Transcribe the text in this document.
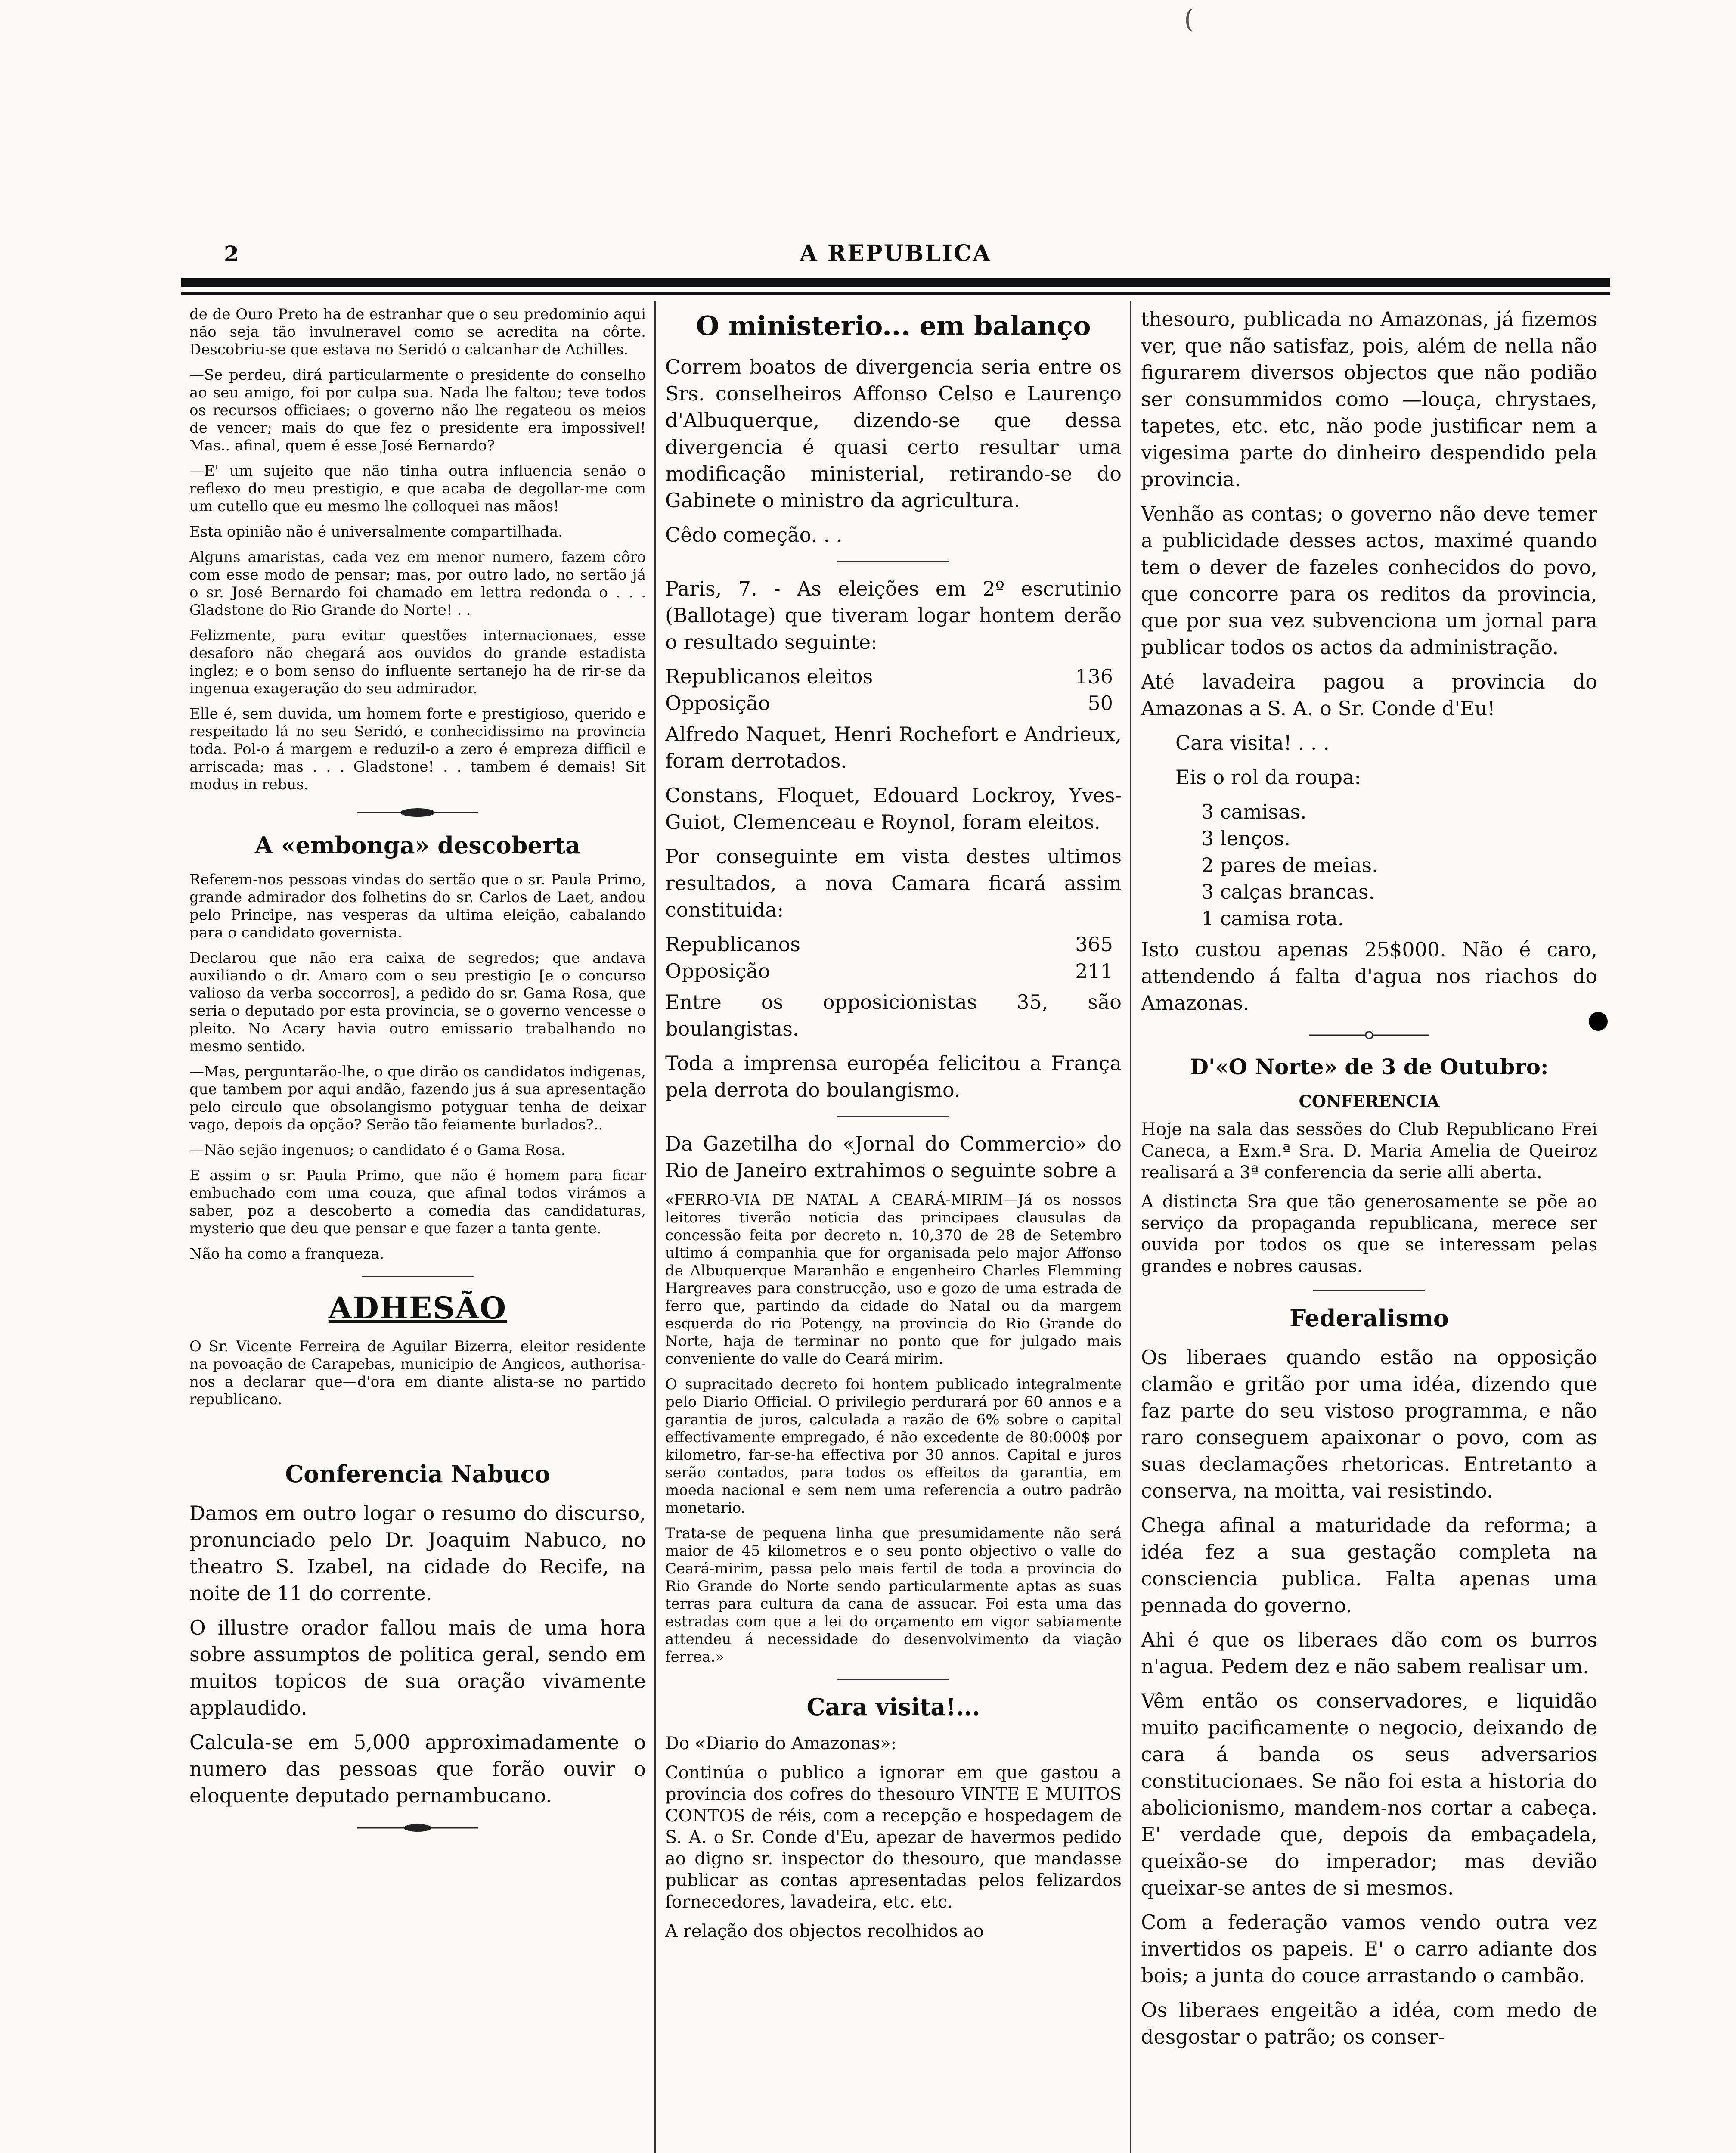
(
2	A REPUBLICA

de de Ouro Preto ha de estranhar que o seu predominio aqui não seja tão invulneravel como se acredita na côrte. Descobriu-se que estava no Seridó o calcanhar de Achilles.

—Se perdeu, dirá particularmente o presidente do conselho ao seu amigo, foi por culpa sua. Nada lhe faltou; teve todos os recursos officiaes; o governo não lhe regateou os meios de vencer; mais do que fez o presidente era impossivel! Mas.. afinal, quem é esse José Bernardo?

—E' um sujeito que não tinha outra influencia senão o reflexo do meu prestigio, e que acaba de degollar-me com um cutello que eu mesmo lhe colloquei nas mãos!

Esta opinião não é universalmente compartilhada.

Alguns amaristas, cada vez em menor numero, fazem côro com esse modo de pensar; mas, por outro lado, no sertão já o sr. José Bernardo foi chamado em lettra redonda o . . . Gladstone do Rio Grande do Norte! . .

Felizmente, para evitar questões internacionaes, esse desaforo não chegará aos ouvidos do grande estadista inglez; e o bom senso do influente sertanejo ha de rir-se da ingenua exageração do seu admirador.

Elle é, sem duvida, um homem forte e prestigioso, querido e respeitado lá no seu Seridó, e conhecidissimo na provincia toda. Pol-o á margem e reduzil-o a zero é empreza difficil e arriscada; mas . . . Gladstone! . . tambem é demais! Sit modus in rebus.

A «embonga» descoberta

Referem-nos pessoas vindas do sertão que o sr. Paula Primo, grande admirador dos folhetins do sr. Carlos de Laet, andou pelo Principe, nas vesperas da ultima eleição, cabalando para o candidato governista.

Declarou que não era caixa de segredos; que andava auxiliando o dr. Amaro com o seu prestigio [e o concurso valioso da verba soccorros], a pedido do sr. Gama Rosa, que seria o deputado por esta provincia, se o governo vencesse o pleito. No Acary havia outro emissario trabalhando no mesmo sentido.

—Mas, perguntarão-lhe, o que dirão os candidatos indigenas, que tambem por aqui andão, fazendo jus á sua apresentação pelo circulo que obsolangismo potyguar tenha de deixar vago, depois da opção? Serão tão feiamente burlados?..

—Não sejão ingenuos; o candidato é o Gama Rosa.

E assim o sr. Paula Primo, que não é homem para ficar embuchado com uma couza, que afinal todos virámos a saber, poz a descoberto a comedia das candidaturas, mysterio que deu que pensar e que fazer a tanta gente.

Não ha como a franqueza.

ADHESÃO

O Sr. Vicente Ferreira de Aguilar Bizerra, eleitor residente na povoação de Carapebas, municipio de Angicos, authorisa-nos a declarar que—d'ora em diante alista-se no partido republicano.

Conferencia Nabuco

Damos em outro logar o resumo do discurso, pronunciado pelo Dr. Joaquim Nabuco, no theatro S. Izabel, na cidade do Recife, na noite de 11 do corrente.

O illustre orador fallou mais de uma hora sobre assumptos de politica geral, sendo em muitos topicos de sua oração vivamente applaudido.

Calcula-se em 5,000 approximadamente o numero das pessoas que forão ouvir o eloquente deputado pernambucano.

O ministerio... em balanço

Correm boatos de divergencia seria entre os Srs. conselheiros Affonso Celso e Laurenço d'Albuquerque, dizendo-se que dessa divergencia é quasi certo resultar uma modificação ministerial, retirando-se do Gabinete o ministro da agricultura.

Cêdo começão. . .

Paris, 7. - As eleições em 2º escrutinio (Ballotage) que tiveram logar hontem derão o resultado seguinte:

Republicanos eleitos	136
Opposição	50

Alfredo Naquet, Henri Rochefort e Andrieux, foram derrotados.

Constans, Floquet, Edouard Lockroy, Yves-Guiot, Clemenceau e Roynol, foram eleitos.

Por conseguinte em vista destes ultimos resultados, a nova Camara ficará assim constituida:

Republicanos	365
Opposição	211

Entre os opposicionistas 35, são boulangistas.

Toda a imprensa européa felicitou a França pela derrota do boulangismo.

Da Gazetilha do «Jornal do Commercio» do Rio de Janeiro extrahimos o seguinte sobre a

«FERRO-VIA DE NATAL A CEARÁ-MIRIM—Já os nossos leitores tiverão noticia das principaes clausulas da concessão feita por decreto n. 10,370 de 28 de Setembro ultimo á companhia que for organisada pelo major Affonso de Albuquerque Maranhão e engenheiro Charles Flemming Hargreaves para construcção, uso e gozo de uma estrada de ferro que, partindo da cidade do Natal ou da margem esquerda do rio Potengy, na provincia do Rio Grande do Norte, haja de terminar no ponto que for julgado mais conveniente do valle do Ceará mirim.

O supracitado decreto foi hontem publicado integralmente pelo Diario Official. O privilegio perdurará por 60 annos e a garantia de juros, calculada a razão de 6% sobre o capital effectivamente empregado, é não excedente de 80:000$ por kilometro, far-se-ha effectiva por 30 annos. Capital e juros serão contados, para todos os effeitos da garantia, em moeda nacional e sem nem uma referencia a outro padrão monetario.

Trata-se de pequena linha que presumidamente não será maior de 45 kilometros e o seu ponto objectivo o valle do Ceará-mirim, passa pelo mais fertil de toda a provincia do Rio Grande do Norte sendo particularmente aptas as suas terras para cultura da cana de assucar. Foi esta uma das estradas com que a lei do orçamento em vigor sabiamente attendeu á necessidade do desenvolvimento da viação ferrea.»

Cara visita!...

Do «Diario do Amazonas»:

Continúa o publico a ignorar em que gastou a provincia dos cofres do thesouro VINTE E MUITOS CONTOS de réis, com a recepção e hospedagem de S. A. o Sr. Conde d'Eu, apezar de havermos pedido ao digno sr. inspector do thesouro, que mandasse publicar as contas apresentadas pelos felizardos fornecedores, lavadeira, etc. etc.

A relação dos objectos recolhidos ao

thesouro, publicada no Amazonas, já fizemos ver, que não satisfaz, pois, além de nella não figurarem diversos objectos que não podião ser consummidos como —louça, chrystaes, tapetes, etc. etc, não pode justificar nem a vigesima parte do dinheiro despendido pela provincia.

Venhão as contas; o governo não deve temer a publicidade desses actos, maximé quando tem o dever de fazeles conhecidos do povo, que concorre para os reditos da provincia, que por sua vez subvenciona um jornal para publicar todos os actos da administração.

Até lavadeira pagou a provincia do Amazonas a S. A. o Sr. Conde d'Eu!

Cara visita! . . .

Eis o rol da roupa:

3 camisas.
3 lenços.
2 pares de meias.
3 calças brancas.
1 camisa rota.

Isto custou apenas 25$000. Não é caro, attendendo á falta d'agua nos riachos do Amazonas.

D'«O Norte» de 3 de Outubro:
CONFERENCIA

Hoje na sala das sessões do Club Republicano Frei Caneca, a Exm.ª Sra. D. Maria Amelia de Queiroz realisará a 3ª conferencia da serie alli aberta.

A distincta Sra que tão generosamente se põe ao serviço da propaganda republicana, merece ser ouvida por todos os que se interessam pelas grandes e nobres causas.

Federalismo

Os liberaes quando estão na opposição clamão e gritão por uma idéa, dizendo que faz parte do seu vistoso programma, e não raro conseguem apaixonar o povo, com as suas declamações rhetoricas. Entretanto a conserva, na moitta, vai resistindo.

Chega afinal a maturidade da reforma; a idéa fez a sua gestação completa na consciencia publica. Falta apenas uma pennada do governo.

Ahi é que os liberaes dão com os burros n'agua. Pedem dez e não sabem realisar um.

Vêm então os conservadores, e liquidão muito pacificamente o negocio, deixando de cara á banda os seus adversarios constitucionaes. Se não foi esta a historia do abolicionismo, mandem-nos cortar a cabeça. E' verdade que, depois da embaçadela, queixão-se do imperador; mas devião queixar-se antes de si mesmos.

Com a federação vamos vendo outra vez invertidos os papeis. E' o carro adiante dos bois; a junta do couce arrastando o cambão.

Os liberaes engeitão a idéa, com medo de desgostar o patrão; os conser-
